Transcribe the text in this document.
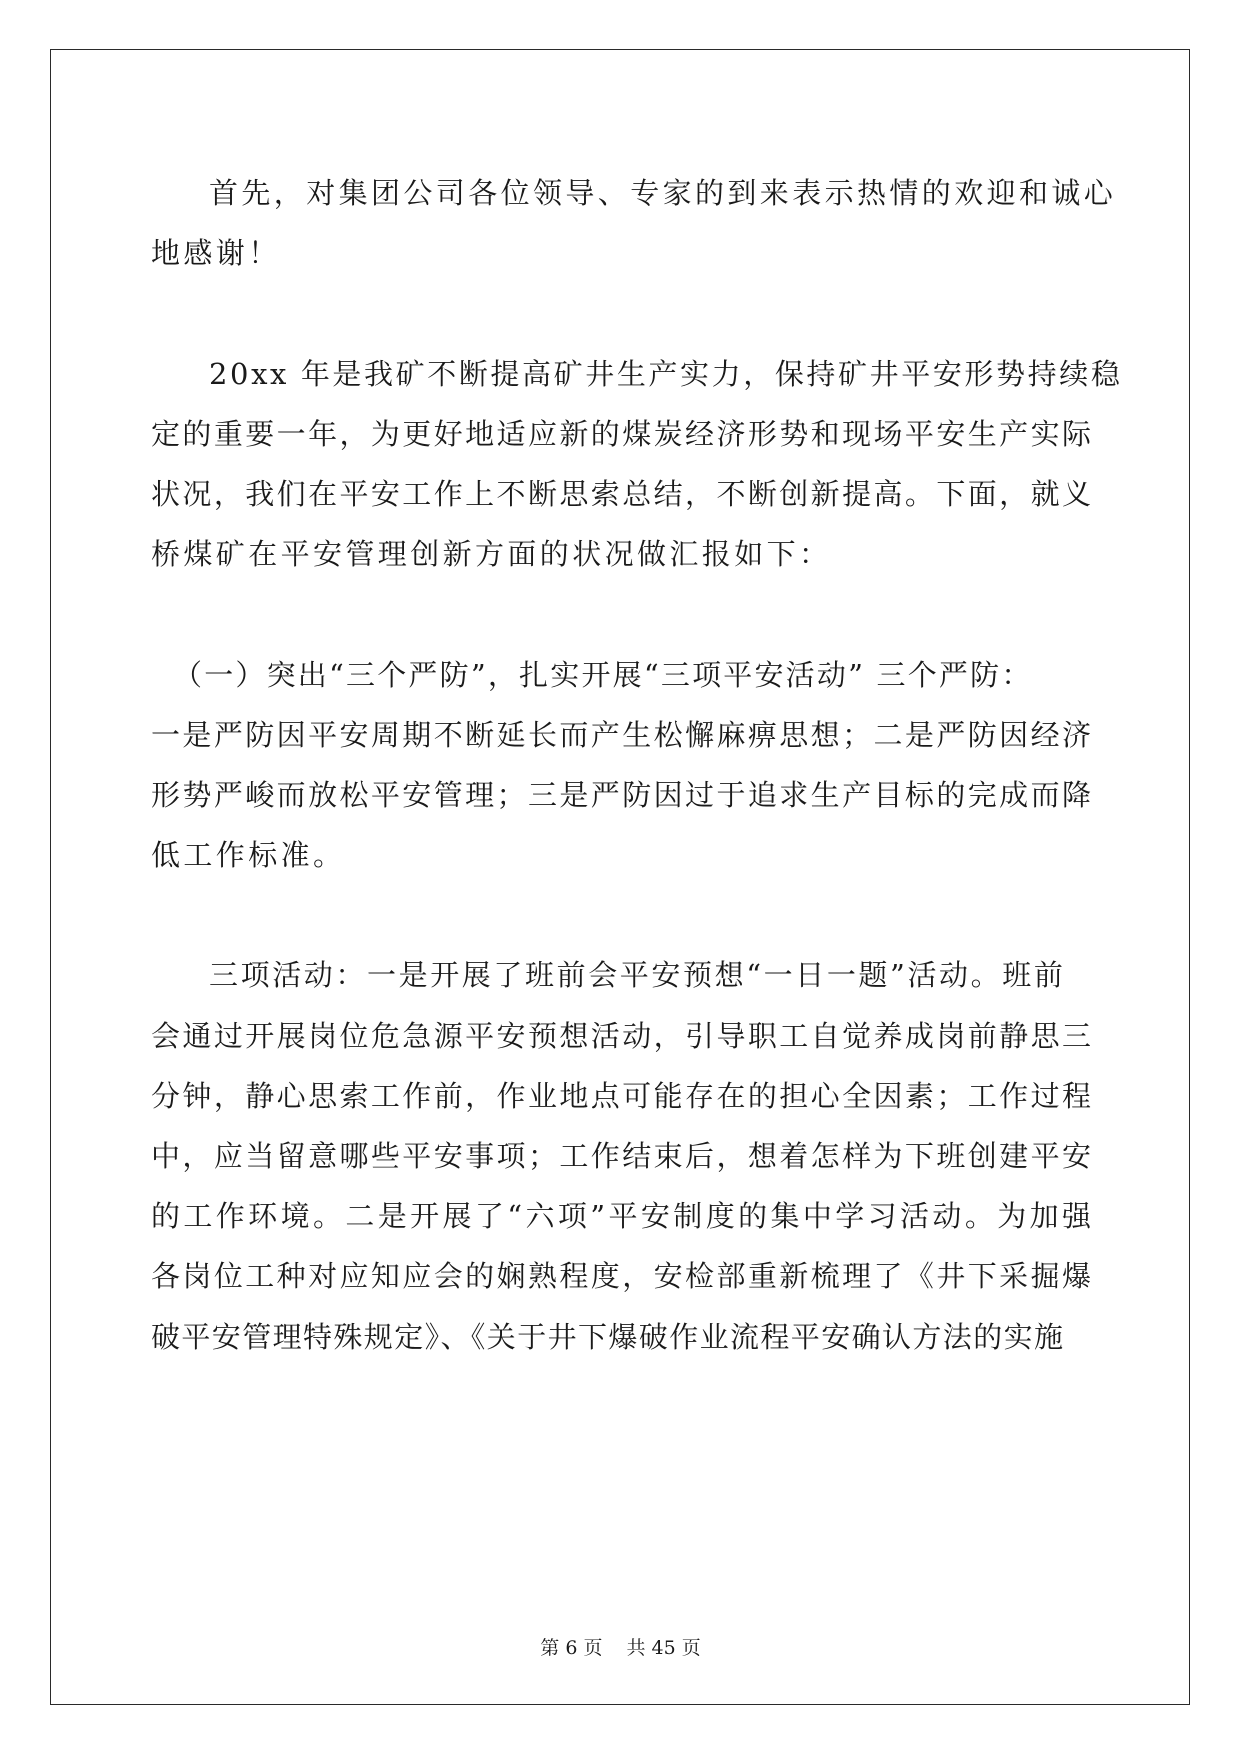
首先，对集团公司各位领导、专家的到来表示热情的欢迎和诚心
地感谢！
20xx 年是我矿不断提高矿井生产实力，保持矿井平安形势持续稳
定的重要一年，为更好地适应新的煤炭经济形势和现场平安生产实际
状况，我们在平安工作上不断思索总结，不断创新提高。下面，就义
桥煤矿在平安管理创新方面的状况做汇报如下：
（一）突出“三个严防”，扎实开展“三项平安活动” 三个严防：
一是严防因平安周期不断延长而产生松懈麻痹思想；二是严防因经济
形势严峻而放松平安管理；三是严防因过于追求生产目标的完成而降
低工作标准。
三项活动：一是开展了班前会平安预想“一日一题”活动。班前
会通过开展岗位危急源平安预想活动，引导职工自觉养成岗前静思三
分钟，静心思索工作前，作业地点可能存在的担心全因素；工作过程
中，应当留意哪些平安事项；工作结束后，想着怎样为下班创建平安
的工作环境。二是开展了“六项”平安制度的集中学习活动。为加强
各岗位工种对应知应会的娴熟程度，安检部重新梳理了《井下采掘爆
破平安管理特殊规定》、《关于井下爆破作业流程平安确认方法的实施
第 6 页 共 45 页
